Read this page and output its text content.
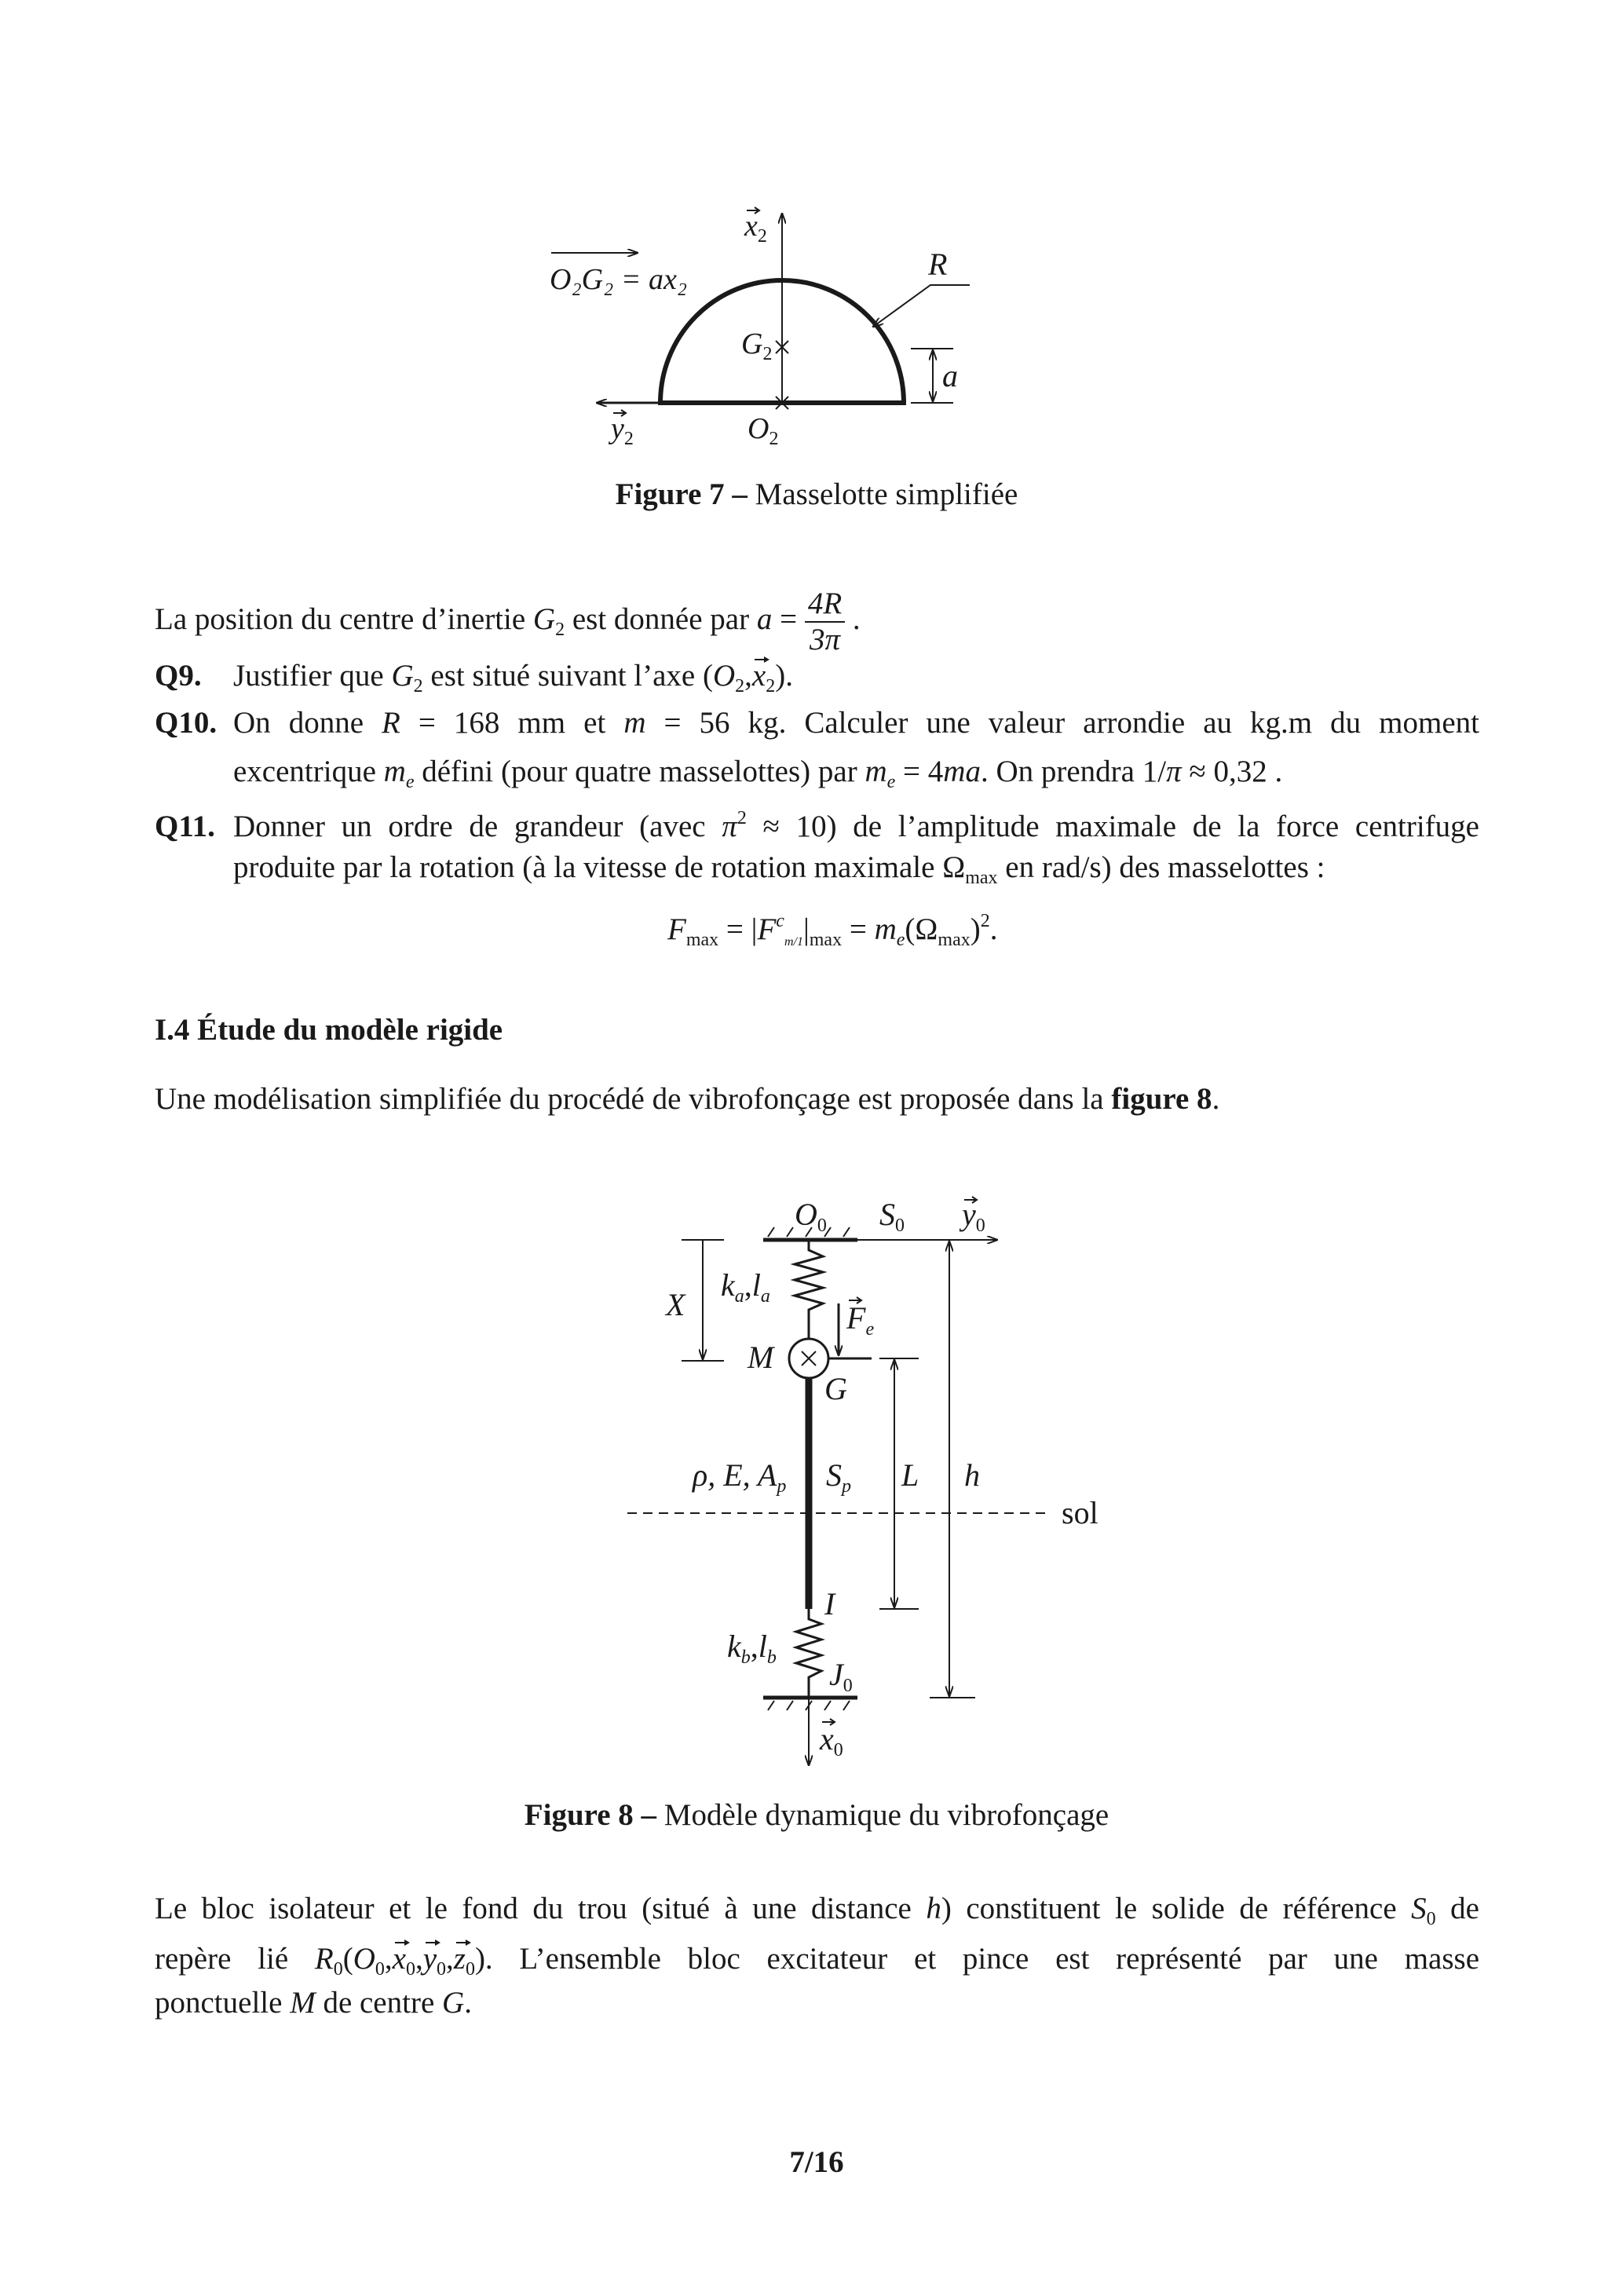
$x_2$
O₂G₂ = ax₂	R
a
$G_2$
$y_2$	$O_2$
$O_0$ $S_0$ $y_0$
X
$k_a,l_a$
$F_e$
M
G
ρ, E, $A_p$ $S_p$ L h
sol
I
$k_b,l_b$ $J_0$
$x_0$
Figure 7 – Masselotte simplifiée
La position du centre d’inertie $G_2$ est donnée par $a = \frac{4R}{3\pi}$ .
Q9. Justifier que $G_2$ est situé suivant l’axe $(O_2,x_2)$.
Q10. On donne R = 168 mm et m = 56 kg. Calculer une valeur arrondie au kg.m du moment
excentrique $m_e$ défini (pour quatre masselottes) par $m_e = 4ma$. On prendra 1/π ≈ 0,32 .
Q11. Donner un ordre de grandeur (avec $\pi^2 \approx 10$) de l’amplitude maximale de la force centrifuge
produite par la rotation (à la vitesse de rotation maximale $\Omega_{max}$ en rad/s) des masselottes :
$F_{max} = |F^c_{m/1}|_{max} = m_e(\Omega_{max})^2$.
I.4 Étude du modèle rigide
Une modélisation simplifiée du procédé de vibrofonçage est proposée dans la figure 8.
Figure 8 – Modèle dynamique du vibrofonçage
Le bloc isolateur et le fond du trou (situé à une distance h) constituent le solide de référence $S_0$ de
repère lié $R_0(O_0,x_0,y_0,z_0)$. L’ensemble bloc excitateur et pince est représenté par une masse
ponctuelle M de centre G.
7/16
